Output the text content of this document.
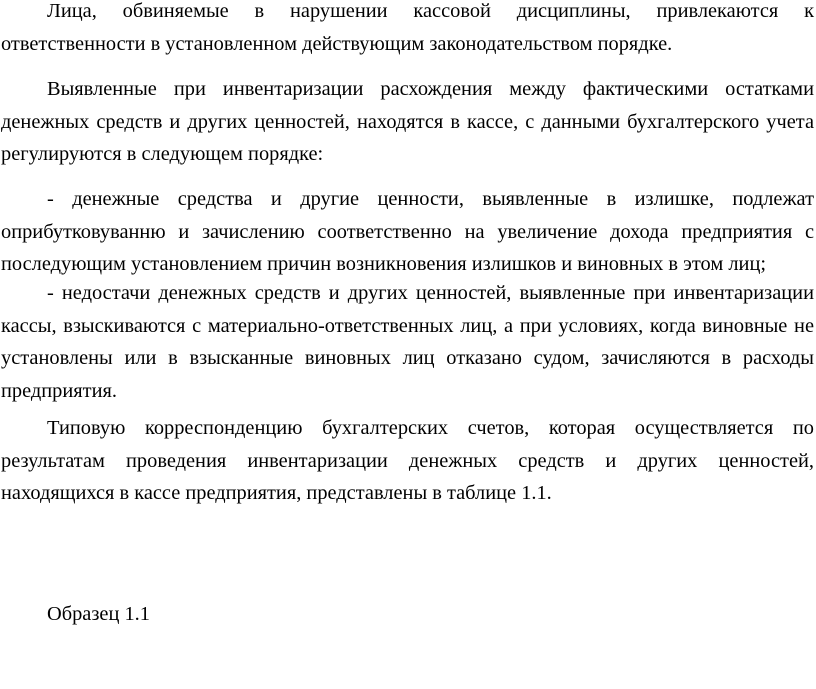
Лица, обвиняемые в нарушении кассовой дисциплины, привлекаются к ответственности в установленном действующим законодательством порядке.

Выявленные при инвентаризации расхождения между фактическими остатками денежных средств и других ценностей, находятся в кассе, с данными бухгалтерского учета регулируются в следующем порядке:

- денежные средства и другие ценности, выявленные в излишке, подлежат оприбутковуванню и зачислению соответственно на увеличение дохода предприятия с последующим установлением причин возникновения излишков и виновных в этом лиц;

- недостачи денежных средств и других ценностей, выявленные при инвентаризации кассы, взыскиваются с материально-ответственных лиц, а при условиях, когда виновные не установлены или в взысканные виновных лиц отказано судом, зачисляются в расходы предприятия.

Типовую корреспонденцию бухгалтерских счетов, которая осуществляется по результатам проведения инвентаризации денежных средств и других ценностей, находящихся в кассе предприятия, представлены в таблице 1.1.

Образец 1.1
